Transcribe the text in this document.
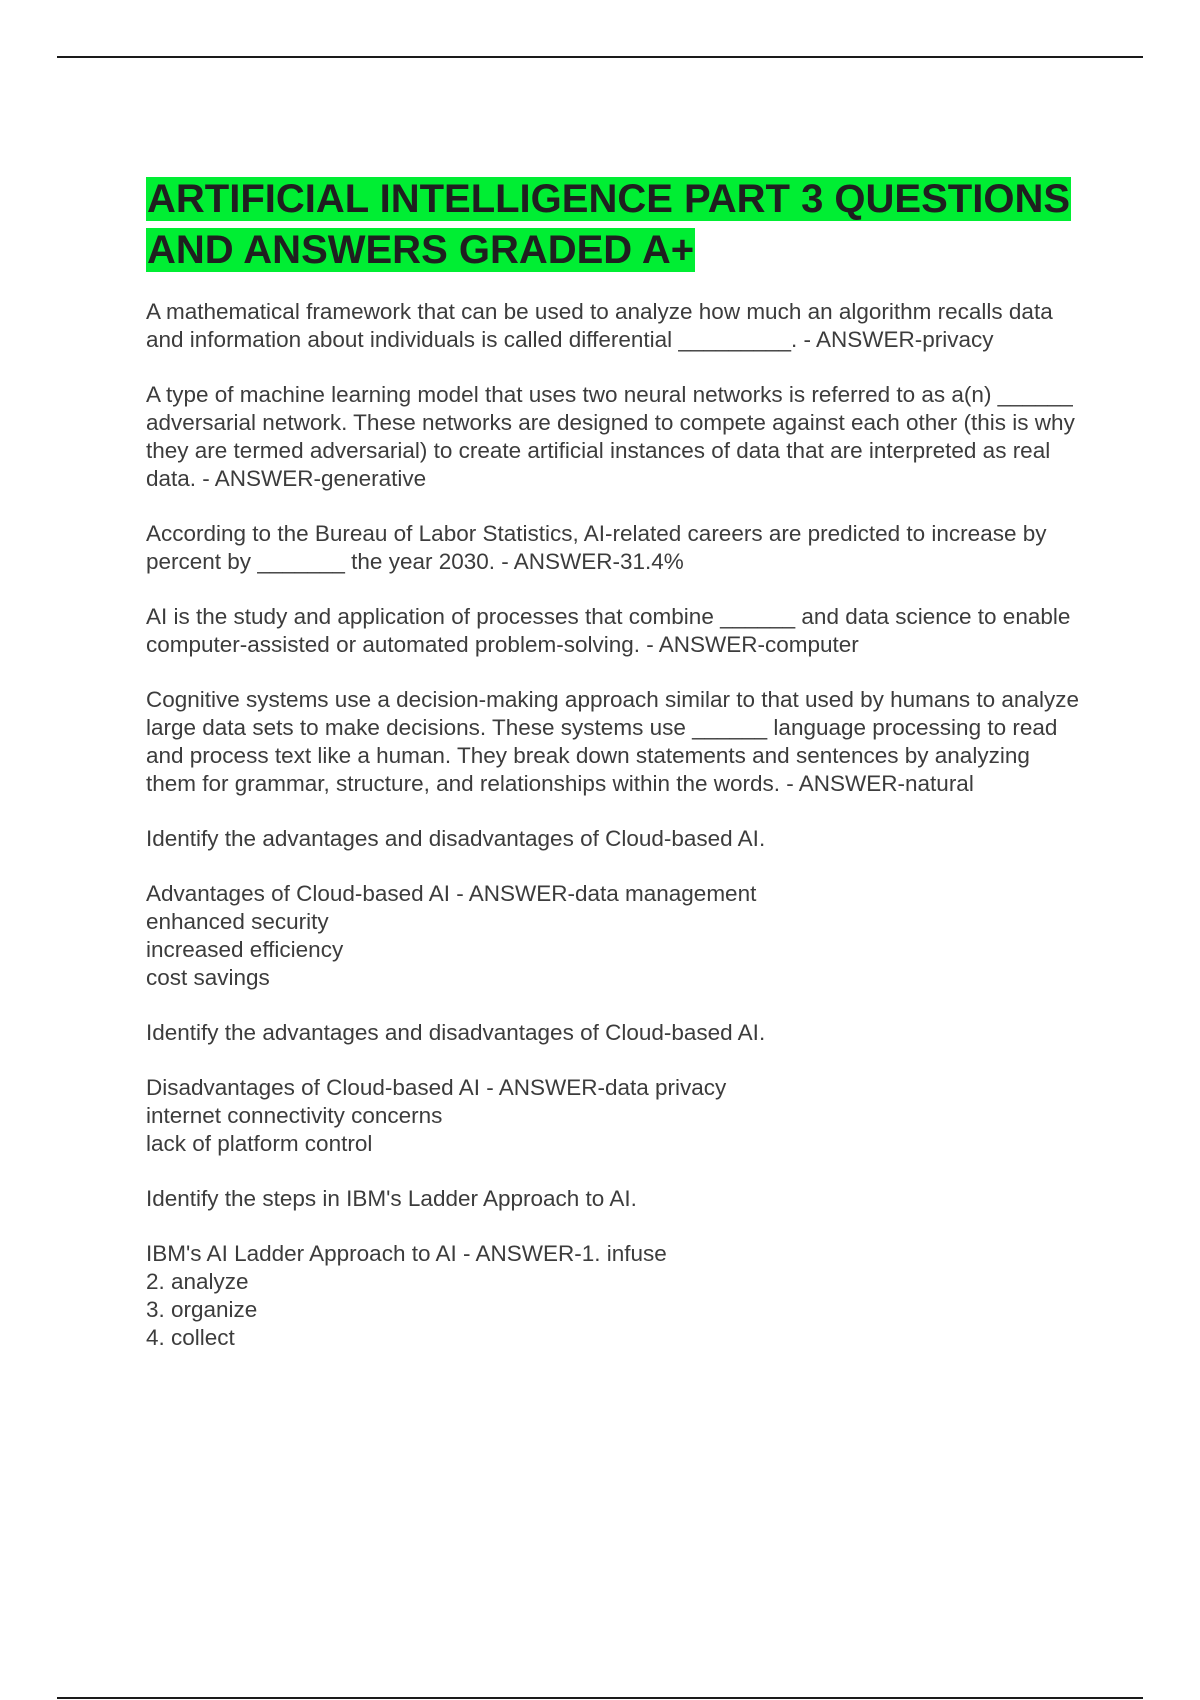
ARTIFICIAL INTELLIGENCE PART 3 QUESTIONS AND ANSWERS GRADED A+

A mathematical framework that can be used to analyze how much an algorithm recalls data and information about individuals is called differential _________. - ANSWER-privacy

A type of machine learning model that uses two neural networks is referred to as a(n) ______ adversarial network. These networks are designed to compete against each other (this is why they are termed adversarial) to create artificial instances of data that are interpreted as real data. - ANSWER-generative

According to the Bureau of Labor Statistics, AI-related careers are predicted to increase by percent by _______ the year 2030. - ANSWER-31.4%

AI is the study and application of processes that combine ______ and data science to enable computer-assisted or automated problem-solving. - ANSWER-computer

Cognitive systems use a decision-making approach similar to that used by humans to analyze large data sets to make decisions. These systems use ______ language processing to read and process text like a human. They break down statements and sentences by analyzing them for grammar, structure, and relationships within the words. - ANSWER-natural

Identify the advantages and disadvantages of Cloud-based AI.

Advantages of Cloud-based AI - ANSWER-data management
enhanced security
increased efficiency
cost savings

Identify the advantages and disadvantages of Cloud-based AI.

Disadvantages of Cloud-based AI - ANSWER-data privacy
internet connectivity concerns
lack of platform control

Identify the steps in IBM's Ladder Approach to AI.

IBM's AI Ladder Approach to AI - ANSWER-1. infuse
2. analyze
3. organize
4. collect
